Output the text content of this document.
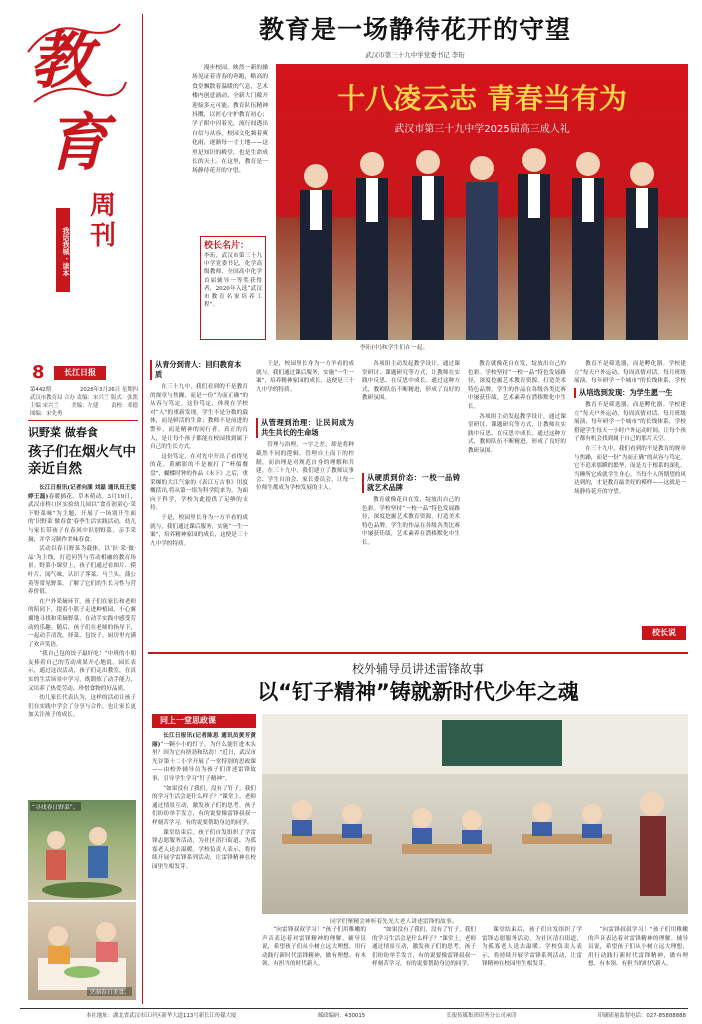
教
育
周
刊
我话我城 · 读本
8	长江日报
第442期	2026年3月26日 星期四
武汉市教育局 合办 责编：宋兴兰 版式：张凯
主编 宋兴兰 美编：左建 责校：邓德
图编：宋先勇
识野菜 做春食
孩子们在烟火气中亲近自然

长江日报讯(记者向漾 刘磊 通讯员王雯婷王磊)春暖插花、草木萌动。3月19日，武汉市桥口区实验幼儿园以“食育润童心·采下野菜味”为主题，开展了一场别开生面的‘识野菜 做春食’春季生活实践活动，幼儿与家长带孩子在春风中识别野菜，亲手采摘，并学习制作美味春食。

活动以春日野菜为载体，以‘识·采·做·品’为主线，打造问答与劳动相融的教育场景。野菜小课堂上，孩子们通过看图片、摸叶片、闻气味，认识了荠菜、马兰头、蒲公英等常见野菜，了解了它们的生长习性与营养价值。

在户外采摘环节，孩子们在家长和老师的陪同下，提着小篮子走进种植园，小心翼翼地寻找和采摘野菜，在动手实践中感受劳动的乐趣。随后，孩子们在老师的指导下，一起动手清洗、择菜、包饺子，厨房里充满了欢声笑语。

“我自己包的饺子最好吃！”中班的小朋友捧着自己的劳动成果开心地说。园长表示，通过这次活动，孩子们走出教室，在真实的生活场景中学习，既锻炼了动手能力，又培养了热爱劳动、珍惜食物的好品质。

幼儿家长代表认为，这样的活动让孩子们在实践中学会了分享与合作，也让家长更加关注孩子的成长。

烹制春日美食。
“寻找春日野菜”。
教育是一场静待花开的守望
武汉市第三十九中学党委书记 李珩

漫步校园，映然一新的操场见证着青春的奔跑，略高的食堂飘散着温暖的气息，艺术楼内创意涌动，全新大门敞开迎接多元可能。教育队伍精神抖擞，以匠心守护教育初心；学子眼中闪着光，流行间透出自信与从容。校园文化频着爽化雨，逐渐每一寸土地——这里是知识的殿堂，也是生命成长的天土。在这里，教育是一场静待花开的守望。

校长名片：
李珩，武汉市第三十九中学党委书记，化学高级教师，全国高中化学首届辅导一等奖获得者，2020年入选“武汉市教育名家培养工程”。
十八凌云志 青春当有为
武汉市第三十九中学2025届高三成人礼
李珩(中)和学生们在一起。
从青分到青人：回归教育本质

在三十九中，我们看到的不是教育的规章与焦躁，而是一份“为而正确”的从容与笃定。这份笃定，体现在学校对“人”的重新发现。学生不是分数的载体，而是鲜活的生命；教师不是前进的警步，而是精神的同行者。真正的育人，是让每个孩子都能在校园找到属于自己的生长方式。

这份笃定，在对光中开出了看得见的花。黄鹂影的不是被打了“杯船餐盘”，蝴蝶时钟的作品《末下》之后，重采爆的大江气象的《表江万古事》用度概括出,将从第一组为科学院来为，为面向于科学，学校为此提供了足够的支持。

于是，校园里长身为一方羊看的成就与，我们通过课后服务，实施“一生一案”，培养精神家园的成长，这便是三十九中学的特质。

于是，校园里长身为一方羊看的成就与，我们通过课后服务，实施“一生一案”，培养精神家园的成长，这便是三十九中学的特质。

从管理到治理：让民间成为共生共长的生命场

管理与治理，一字之差，却是将种截然不同的逻辑。管理自上而下的控制，而治理是对规范自身的理解和共建。在三十九中，我们建立了教师议事会、学生自治会、家长委员会，让每一位师生都成为学校发展的主人。

各项组主动发起教学设计，通过课堂研讨、课题研究等方式，让教师在实践中反思、在反思中成长。通过这种方式，教师队伍不断精进，形成了良好的教研氛围。

从硬质到价态：一校一品铸就艺术品牌

教育就像花自在发，绽放出自己的色彩。学校坚持“一校一品”特色发展路径，深度挖掘艺术教育资源，打造美术特色品牌。学生的作品在各级各类比赛中屡获佳绩，艺术素养在潜移默化中生长。

教育就像花自在发，绽放出自己的色彩。学校坚持“一校一品”特色发展路径，深度挖掘艺术教育资源，打造美术特色品牌。学生的作品在各级各类比赛中屡获佳绩，艺术素养在潜移默化中生长。

各项组主动发起教学设计，通过课堂研讨、课题研究等方式，让教师在实践中反思、在反思中成长。通过这种方式，教师队伍不断精进，形成了良好的教研氛围。

教育不是筛选器，而是孵化器。学校建立“每天户外运动、每周真情对话、每月班级展演、每年研学一个城市”的长线体系，学校

从培选到发现：为学生愿一生

教育不是筛选器，而是孵化器。学校建立“每天户外运动、每周真情对话、每月班级展演、每年研学一个城市”的长线体系，学校搭建学生每天一小时户外运动时间，让每个孩子都有机会找到属于自己的那片天空。

在三十九中，我们看到的不是教育的规章与焦躁，而是一份“为而正确”的从容与笃定。它不追求那瞬的繁华，而是力于根系的深扎。当睡所它成就学生身心，当每个人所期望的风达到的，才是教育最美好的模样——这就是一场静待花开的守望。

校长说
校外辅导员讲述雷锋故事
以“钉子精神”铸就新时代少年之魂
同上一堂思政课

长江日报讯(记者陈思 通讯员黄芳黄丽)“一颗小小的钉子，为什么能钉进木头里？因为它有挤劲和钻劲！”近日，武汉市光谷第十二小学开展了一堂特别的思政课——由校外辅导员为孩子们讲述雷锋故事，引导学生学习“钉子精神”。

“如果没有了我们，没有了钉子，我们的学习生活会是什么样子？”课堂上，老师通过情景互动，激发孩子们的思考。孩子们纷纷举手发言，有的说要像雷锋叔叔一样刻苦学习，有的说要帮助身边的同学。

课堂结束后，孩子们自发组织了学雷锋志愿服务活动，为社区清扫街道、为孤寡老人送去温暖。学校负责人表示，将持续开展学雷锋系列活动，让雷锋精神在校园里生根发芽。

同学们聚精会神听着先光大老人讲述雷锋的故事。

“向雷锋叔叔学习！”孩子们用稚嫩的声音表达着对雷锋精神的理解。辅导员说，希望孩子们从小树立远大理想，用行动践行新时代雷锋精神，做有理想、有本领、有担当的时代新人。

“如果没有了我们，没有了钉子，我们的学习生活会是什么样子？”课堂上，老师通过情景互动，激发孩子们的思考。孩子们纷纷举手发言，有的说要像雷锋叔叔一样刻苦学习，有的说要帮助身边的同学。

课堂结束后，孩子们自发组织了学雷锋志愿服务活动，为社区清扫街道、为孤寡老人送去温暖。学校负责人表示，将持续开展学雷锋系列活动，让雷锋精神在校园里生根发芽。

“向雷锋叔叔学习！”孩子们用稚嫩的声音表达着对雷锋精神的理解。辅导员说，希望孩子们从小树立远大理想，用行动践行新时代雷锋精神，做有理想、有本领、有担当的时代新人。

本社地址：湖北省武汉市江岸区新华大道113号新长江传媒大厦	邮政编码：430015	长报传媒集团印务分公司承印	印刷质量监督电话：027-85888888
